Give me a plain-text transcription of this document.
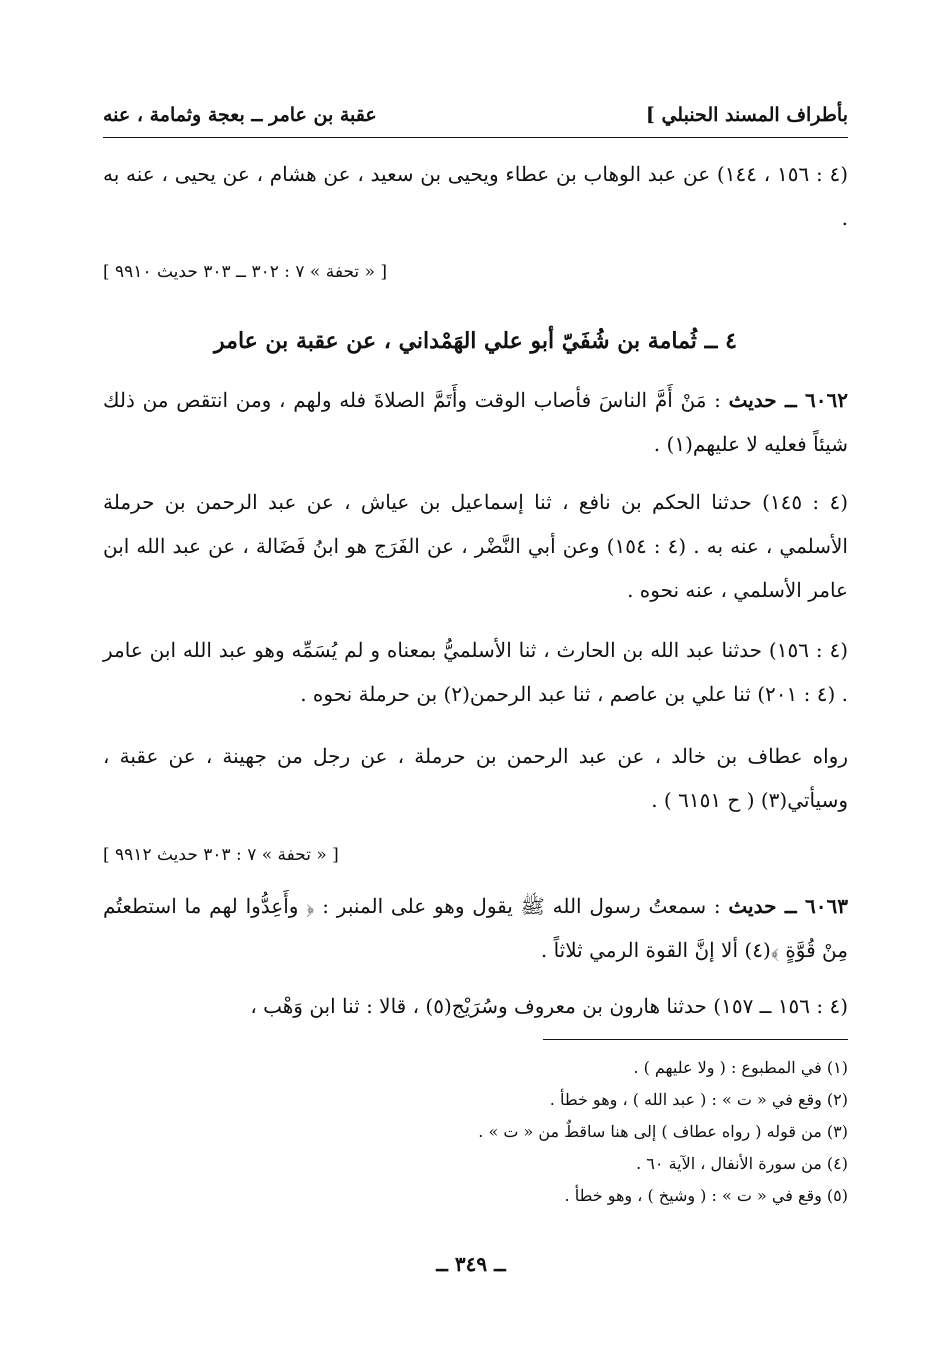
بأطراف المسند الحنبلي ]
عقبة بن عامر ــ بعجة وثمامة ، عنه
(٤ : ١٥٦ ، ١٤٤) عن عبد الوهاب بن عطاء ويحيى بن سعيد ، عن هشام ، عن يحيى ، عنه به .
[ « تحفة » ٧ : ٣٠٢ ــ ٣٠٣ حديث ٩٩١٠ ]
٤ ــ ثُمامة بن شُفَيّ أبو علي الهَمْداني ، عن عقبة بن عامر
٦٠٦٢ ــ حديث : مَنْ أَمَّ الناسَ فأصاب الوقت وأَتَمَّ الصلاةَ فله ولهم ، ومن انتقص من ذلك شيئاً فعليه لا عليهم(١) .
(٤ : ١٤٥) حدثنا الحكم بن نافع ، ثنا إسماعيل بن عياش ، عن عبد الرحمن بن حرملة الأسلمي ، عنه به . (٤ : ١٥٤) وعن أبي النَّضْر ، عن الفَرَج هو ابنُ فَضَالة ، عن عبد الله ابن عامر الأسلمي ، عنه نحوه .
(٤ : ١٥٦) حدثنا عبد الله بن الحارث ، ثنا الأسلميُّ بمعناه و لم يُسَمِّه وهو عبد الله ابن عامر . (٤ : ٢٠١) ثنا علي بن عاصم ، ثنا عبد الرحمن(٢) بن حرملة نحوه .
رواه عطاف بن خالد ، عن عبد الرحمن بن حرملة ، عن رجل من جهينة ، عن عقبة ، وسيأتي(٣) ( ح ٦١٥١ ) .
[ « تحفة » ٧ : ٣٠٣ حديث ٩٩١٢ ]
٦٠٦٣ ــ حديث : سمعتُ رسول الله ﷺ يقول وهو على المنبر : ﴿ وأَعِدُّوا لهم ما استطعتُم مِنْ قُوَّةٍ ﴾(٤) ألا إنَّ القوة الرمي ثلاثاً .
(٤ : ١٥٦ ــ ١٥٧) حدثنا هارون بن معروف وسُرَيْج(٥) ، قالا : ثنا ابن وَهْب ،
(١) في المطبوع : ( ولا عليهم ) .
(٢) وقع في « ت » : ( عبد الله ) ، وهو خطأ .
(٣) من قوله ( رواه عطاف ) إلى هنا ساقطٌ من « ت » .
(٤) من سورة الأنفال ، الآية ٦٠ .
(٥) وقع في « ت » : ( وشيخ ) ، وهو خطأ .
ــ ٣٤٩ ــ
